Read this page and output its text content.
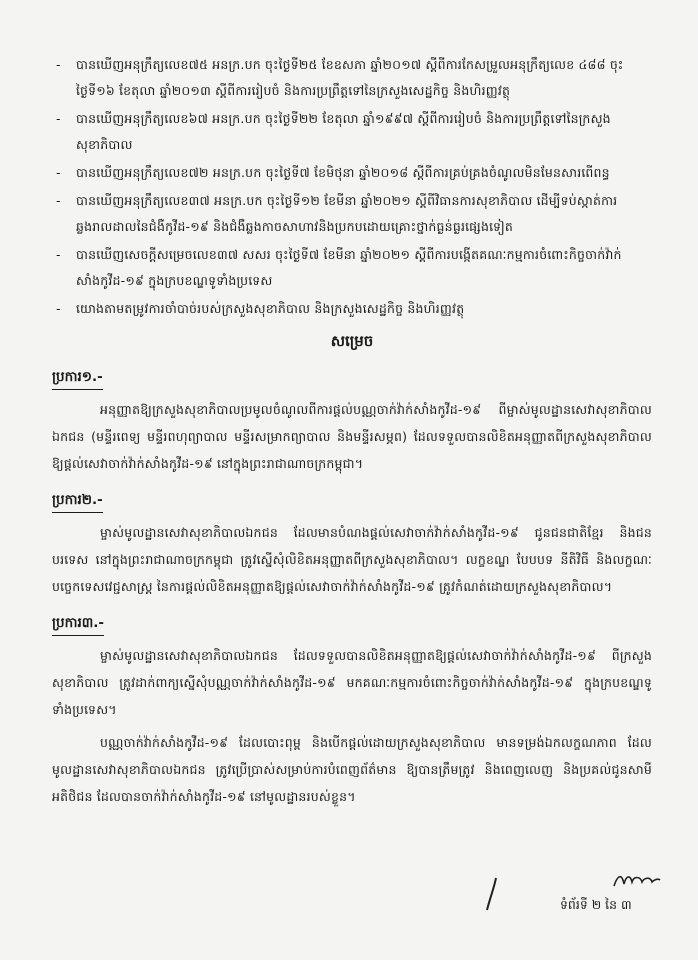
- បានឃើញអនុក្រឹត្យលេខ៧៥ អនក្រ.បក ចុះថ្ងៃទី២៥ ខែឧសភា ឆ្នាំ២០១៧ ស្តីពីការកែសម្រួលអនុក្រឹត្យលេខ ៤៨៨ ចុះថ្ងៃទី១៦ ខែតុលា ឆ្នាំ២០១៣ ស្តីពីការរៀបចំ និងការប្រព្រឹត្តទៅនៃក្រសួងសេដ្ឋកិច្ច និងហិរញ្ញវត្ថុ
- បានឃើញអនុក្រឹត្យលេខ៦៧ អនក្រ.បក ចុះថ្ងៃទី២២ ខែតុលា ឆ្នាំ១៩៩៧ ស្តីពីការរៀបចំ និងការប្រព្រឹត្តទៅនៃក្រសួងសុខាភិបាល
- បានឃើញអនុក្រឹត្យលេខ៧២ អនក្រ.បក ចុះថ្ងៃទី៧ ខែមិថុនា ឆ្នាំ២០១៨ ស្តីពីការគ្រប់គ្រងចំណូលមិនមែនសារពើពន្ធ
- បានឃើញអនុក្រឹត្យលេខ៣៧ អនក្រ.បក ចុះថ្ងៃទី១២ ខែមីនា ឆ្នាំ២០២១ ស្តីពីវិធានការសុខាភិបាល ដើម្បីទប់ស្កាត់ការឆ្លងរាលដាលនៃជំងឺកូវីដ-១៩ និងជំងឺឆ្លងកាចសាហាវនិងប្រកបដោយគ្រោះថ្នាក់ធ្ងន់ធ្ងរផ្សេងទៀត
- បានឃើញសេចក្តីសម្រេចលេខ៣៧ សសរ ចុះថ្ងៃទី៧ ខែមីនា ឆ្នាំ២០២១ ស្តីពីការបង្កើតគណៈកម្មការចំពោះកិច្ចចាក់វ៉ាក់សាំងកូវីដ-១៩ ក្នុងក្របខណ្ឌទូទាំងប្រទេស
- យោងតាមតម្រូវការចាំបាច់របស់ក្រសួងសុខាភិបាល និងក្រសួងសេដ្ឋកិច្ច និងហិរញ្ញវត្ថុ
សម្រេច
ប្រការ១.-

អនុញ្ញាតឱ្យក្រសួងសុខាភិបាលប្រមូលចំណូលពីការផ្តល់បណ្ណចាក់វ៉ាក់សាំងកូវីដ-១៩ ពីម្ចាស់មូលដ្ឋានសេវាសុខាភិបាលឯកជន (មន្ទីរពេទ្យ មន្ទីរពហុព្យាបាល មន្ទីរសម្រាកព្យាបាល និងមន្ទីរសម្ភព) ដែលទទួលបានលិខិតអនុញ្ញាតពីក្រសួងសុខាភិបាល ឱ្យផ្តល់សេវាចាក់វ៉ាក់សាំងកូវីដ-១៩ នៅក្នុងព្រះរាជាណាចក្រកម្ពុជា។

ប្រការ២.-

ម្ចាស់មូលដ្ឋានសេវាសុខាភិបាលឯកជន ដែលមានបំណងផ្តល់សេវាចាក់វ៉ាក់សាំងកូវីដ-១៩ ជូនជនជាតិខ្មែរ និងជនបរទេស នៅក្នុងព្រះរាជាណាចក្រកម្ពុជា ត្រូវស្នើសុំលិខិតអនុញ្ញាតពីក្រសួងសុខាភិបាល។ លក្ខខណ្ឌ បែបបទ នីតិវិធី និងលក្ខណៈបច្ចេកទេសវេជ្ជសាស្ត្រ នៃការផ្តល់លិខិតអនុញ្ញាតឱ្យផ្តល់សេវាចាក់វ៉ាក់សាំងកូវីដ-១៩ ត្រូវកំណត់ដោយក្រសួងសុខាភិបាល។

ប្រការ៣.-

ម្ចាស់មូលដ្ឋានសេវាសុខាភិបាលឯកជន ដែលទទួលបានលិខិតអនុញ្ញាតឱ្យផ្តល់សេវាចាក់វ៉ាក់សាំងកូវីដ-១៩ ពីក្រសួងសុខាភិបាល ត្រូវដាក់ពាក្យស្នើសុំបណ្ណចាក់វ៉ាក់សាំងកូវីដ-១៩ មកគណៈកម្មការចំពោះកិច្ចចាក់វ៉ាក់សាំងកូវីដ-១៩ ក្នុងក្របខណ្ឌទូទាំងប្រទេស។

បណ្ណចាក់វ៉ាក់សាំងកូវីដ-១៩ ដែលបោះពុម្ព និងបើកផ្តល់ដោយក្រសួងសុខាភិបាល មានទម្រង់ឯកលក្ខណភាព ដែលមូលដ្ឋានសេវាសុខាភិបាលឯកជន ត្រូវប្រើប្រាស់សម្រាប់ការបំពេញព័ត៌មាន ឱ្យបានត្រឹមត្រូវ និងពេញលេញ និងប្រគល់ជូនសាមីអតិថិជន ដែលបានចាក់វ៉ាក់សាំងកូវីដ-១៩ នៅមូលដ្ឋានរបស់ខ្លួន។

ទំព័រទី ២ នៃ ៣
